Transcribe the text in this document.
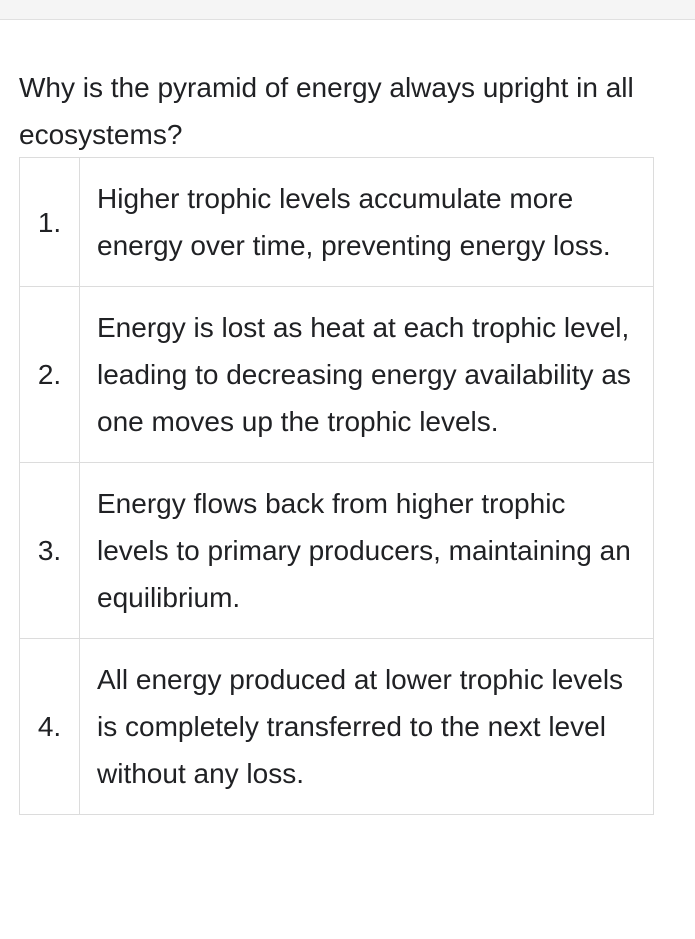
Why is the pyramid of energy always upright in all ecosystems?

1.	Higher trophic levels accumulate more energy over time, preventing energy loss.
2.	Energy is lost as heat at each trophic level, leading to decreasing energy availability as one moves up the trophic levels.
3.	Energy flows back from higher trophic levels to primary producers, maintaining an equilibrium.
4.	All energy produced at lower trophic levels is completely transferred to the next level without any loss.
